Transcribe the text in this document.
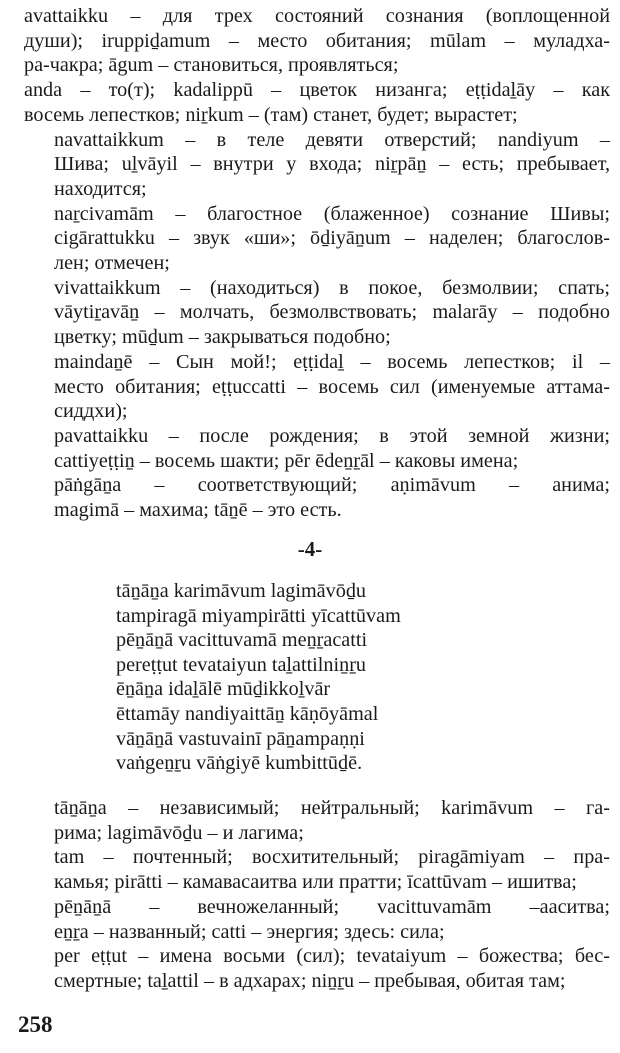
avattaikku – для трех состояний сознания (воплощенной
души); iruppiḏamum – место обитания; mūlam – муладха-
ра-чакра; āgum – становиться, проявляться;

anda – то(т); kadalippū – цветок низанга; eṭṭidaḻāy – как
восемь лепестков; niṟkum – (там) станет, будет; вырастет;

navattaikkum – в теле девяти отверстий; nandiyum –
Шива; uḻvāyil – внутри у входа; niṟpāṉ – есть; пребывает,
находится;

naṟcivamām – благостное (блаженное) сознание Шивы;
cigārattukku – звук «ши»; ōḏiyāṉum – наделен; благослов-
лен; отмечен;

vivattaikkum – (находиться) в покое, безмолвии; спать;
vāytiṟavāṉ – молчать, безмолвствовать; malarāy – подобно
цветку; mūḏum – закрываться подобно;

maindaṉē – Сын мой!; eṭṭidaḻ – восемь лепестков; il –
место обитания; eṭṭuccatti – восемь сил (именуемые аттама-
сиддхи);

pavattaikku – после рождения; в этой земной жизни;
cattiyeṭṭiṉ – восемь шакти; pēr ēdeṉṟāl – каковы имена;

pāṅgāṉa – соответствующий; aṇimāvum – анима;
magimā – махима; tāṉē – это есть.

-4-
tāṉāṉa karimāvum lagimāvōḏu
tampiragā miyampirātti yīcattūvam
pēṉāṉā vacittuvamā meṉṟacatti
pereṭṭut tevataiyun taḻattilniṉṟu
ēṉāṉa idaḻālē mūḏikkoḻvār
ēttamāy nandiyaittāṉ kāṇōyāmal
vāṉāṉā vastuvainī pāṉampaṇṇi
vaṅgeṉṟu vāṅgiyē kumbittūḏē.

tāṉāṉa – независимый; нейтральный; karimāvum – га-
рима; lagimāvōḏu – и лагима;

tam – почтенный; восхитительный; piragāmiyam – пра-
камья; pirātti – камавасаитва или пратти; īcattūvam – ишитва;

pēṉāṉā – вечножеланный; vacittuvamām –ааситва;
eṉṟa – названный; catti – энергия; здесь: сила;

per eṭṭut – имена восьми (сил); tevataiyum – божества; бес-
смертные; taḻattil – в адхарах; niṉṟu – пребывая, обитая там;

258
